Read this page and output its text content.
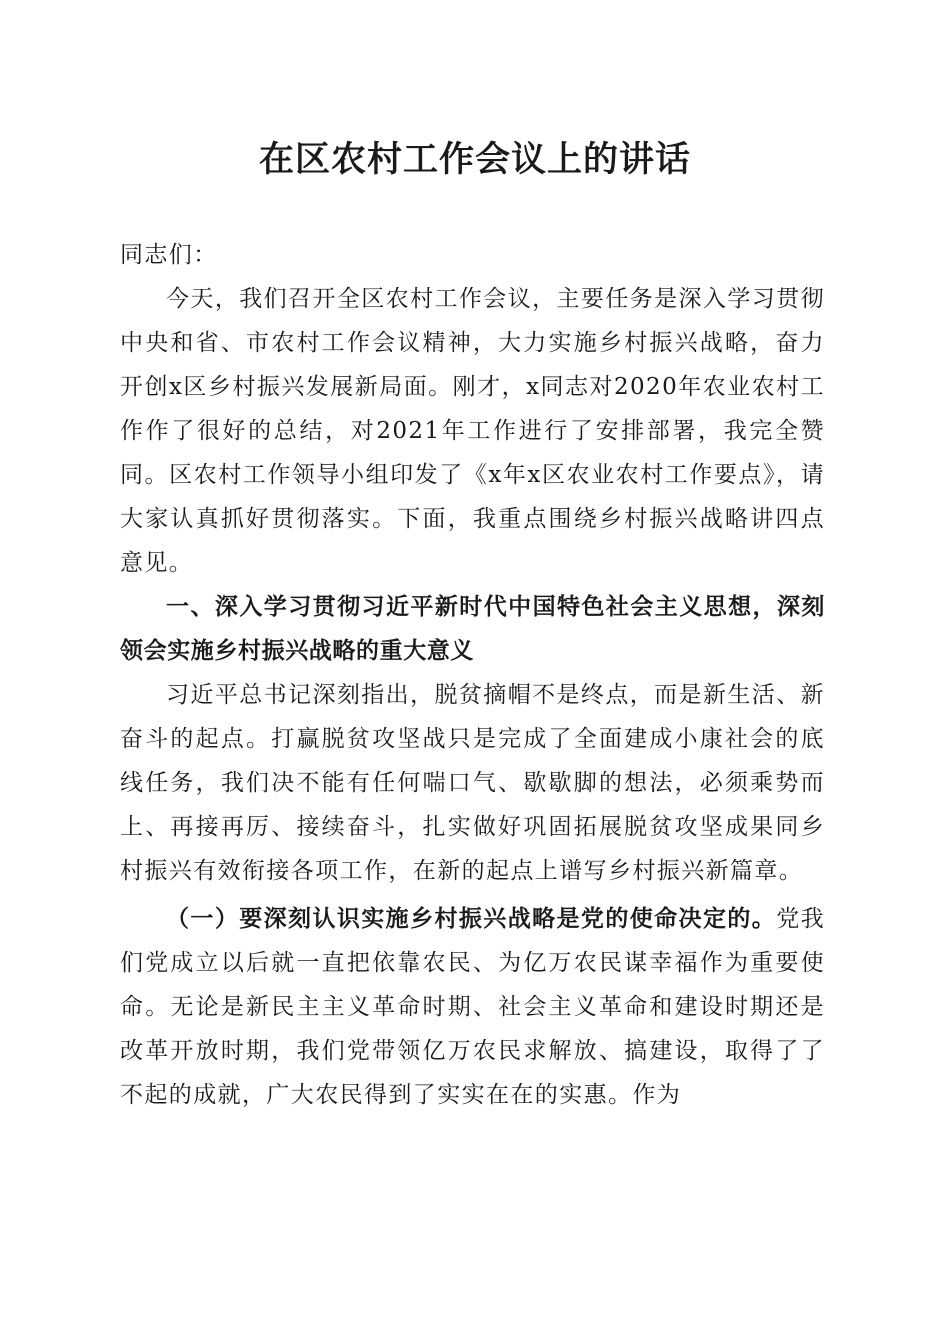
在区农村工作会议上的讲话

同志们：

今天，我们召开全区农村工作会议，主要任务是深入学习贯彻中央和省、市农村工作会议精神，大力实施乡村振兴战略，奋力开创x区乡村振兴发展新局面。刚才，x同志对2020年农业农村工作作了很好的总结，对2021年工作进行了安排部署，我完全赞同。区农村工作领导小组印发了《x年x区农业农村工作要点》，请大家认真抓好贯彻落实。下面，我重点围绕乡村振兴战略讲四点意见。

一、深入学习贯彻习近平新时代中国特色社会主义思想，深刻领会实施乡村振兴战略的重大意义

习近平总书记深刻指出，脱贫摘帽不是终点，而是新生活、新奋斗的起点。打赢脱贫攻坚战只是完成了全面建成小康社会的底线任务，我们决不能有任何喘口气、歇歇脚的想法，必须乘势而上、再接再厉、接续奋斗，扎实做好巩固拓展脱贫攻坚成果同乡村振兴有效衔接各项工作，在新的起点上谱写乡村振兴新篇章。

（一）要深刻认识实施乡村振兴战略是党的使命决定的。党我们党成立以后就一直把依靠农民、为亿万农民谋幸福作为重要使命。无论是新民主主义革命时期、社会主义革命和建设时期还是改革开放时期，我们党带领亿万农民求解放、搞建设，取得了了不起的成就，广大农民得到了实实在在的实惠。作为
